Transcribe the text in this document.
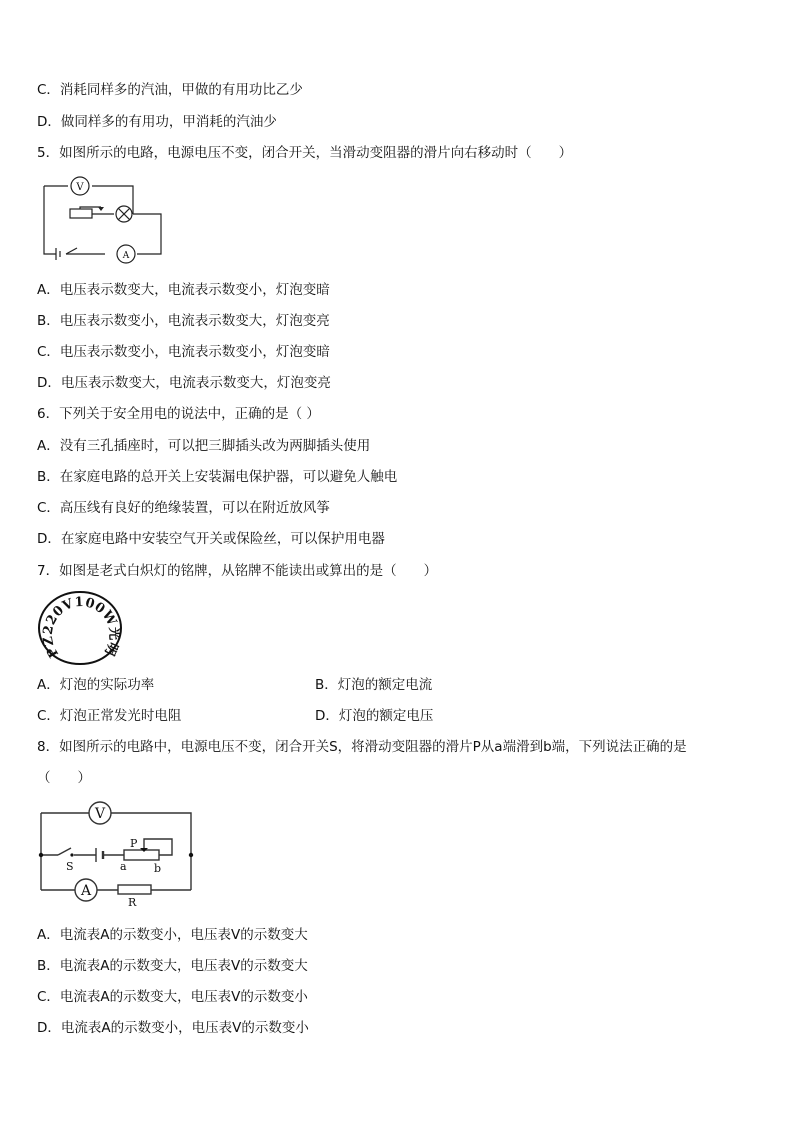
C．消耗同样多的汽油，甲做的有用功比乙少
D．做同样多的有用功，甲消耗的汽油少
5．如图所示的电路，电源电压不变，闭合开关，当滑动变阻器的滑片向右移动时（　　）
V
A
A．电压表示数变大，电流表示数变小，灯泡变暗
B．电压表示数变小，电流表示数变大，灯泡变亮
C．电压表示数变小，电流表示数变小，灯泡变暗
D．电压表示数变大，电流表示数变大，灯泡变亮
6．下列关于安全用电的说法中，正确的是（ ）
A．没有三孔插座时，可以把三脚插头改为两脚插头使用
B．在家庭电路的总开关上安装漏电保护器，可以避免人触电
C．高压线有良好的绝缘装置，可以在附近放风筝
D．在家庭电路中安装空气开关或保险丝，可以保护用电器
7．如图是老式白炽灯的铭牌，从铭牌不能读出或算出的是（　　）
PZ220V100W光明牌
A．灯泡的实际功率	B．灯泡的额定电流
C．灯泡正常发光时电阻	D．灯泡的额定电压
8．如图所示的电路中，电源电压不变，闭合开关S，将滑动变阻器的滑片P从a端滑到b端，下列说法正确的是
（　　）
V
S
P
a b
A
R
A．电流表A的示数变小，电压表V的示数变大
B．电流表A的示数变大，电压表V的示数变大
C．电流表A的示数变大，电压表V的示数变小
D．电流表A的示数变小，电压表V的示数变小
